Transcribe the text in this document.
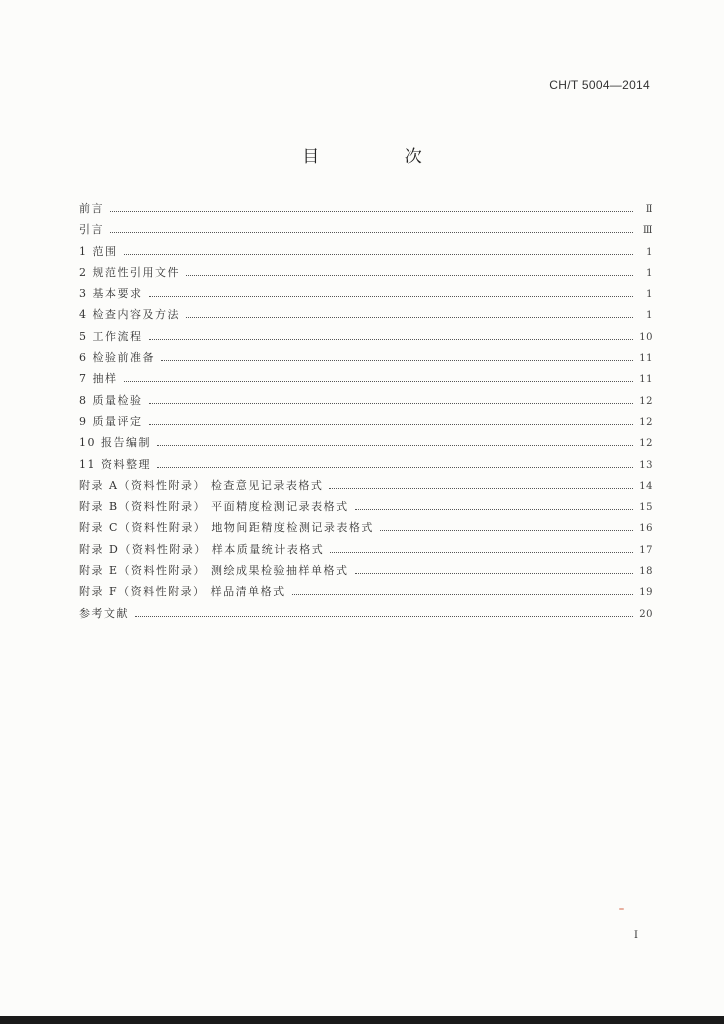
CH/T 5004—2014
目 次
前言	Ⅱ
引言	Ⅲ
1 范围	1
2 规范性引用文件	1
3 基本要求	1
4 检查内容及方法	1
5 工作流程	10
6 检验前准备	11
7 抽样	11
8 质量检验	12
9 质量评定	12
10 报告编制	12
11 资料整理	13
附录 A（资料性附录） 检查意见记录表格式	14
附录 B（资料性附录） 平面精度检测记录表格式	15
附录 C（资料性附录） 地物间距精度检测记录表格式	16
附录 D（资料性附录） 样本质量统计表格式	17
附录 E（资料性附录） 测绘成果检验抽样单格式	18
附录 F（资料性附录） 样品清单格式	19
参考文献	20
I
